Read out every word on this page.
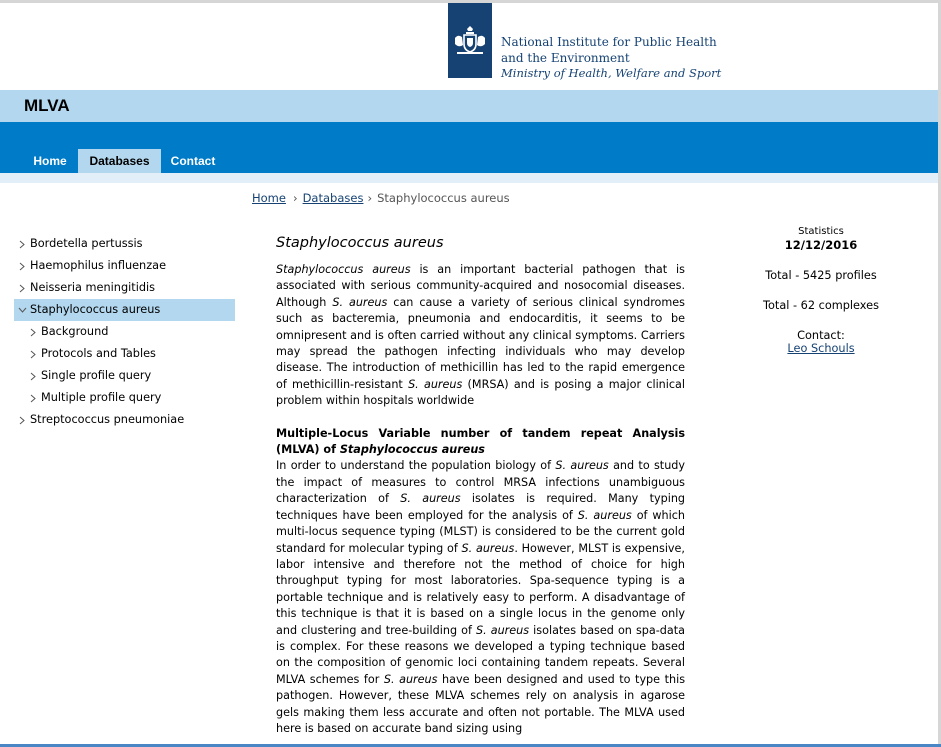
National Institute for Public Health
and the Environment
Ministry of Health, Welfare and Sport
MLVA
Home	Databases	Contact
Home › Databases › Staphylococcus aureus
Bordetella pertussis
Haemophilus influenzae
Neisseria meningitidis
Staphylococcus aureus
Background
Protocols and Tables
Single profile query
Multiple profile query
Streptococcus pneumoniae
Staphylococcus aureus

Staphylococcus aureus is an important bacterial pathogen that is associated with serious community-acquired and nosocomial diseases. Although S. aureus can cause a variety of serious clinical syndromes such as bacteremia, pneumonia and endocarditis, it seems to be omnipresent and is often carried without any clinical symptoms. Carriers may spread the pathogen infecting individuals who may develop disease. The introduction of methicillin has led to the rapid emergence of methicillin-resistant S. aureus (MRSA) and is posing a major clinical problem within hospitals worldwide

Multiple-Locus Variable number of tandem repeat Analysis (MLVA) of Staphylococcus aureus

In order to understand the population biology of S. aureus and to study the impact of measures to control MRSA infections unambiguous characterization of S. aureus isolates is required. Many typing techniques have been employed for the analysis of S. aureus of which multi-locus sequence typing (MLST) is considered to be the current gold standard for molecular typing of S. aureus. However, MLST is expensive, labor intensive and therefore not the method of choice for high throughput typing for most laboratories. Spa-sequence typing is a portable technique and is relatively easy to perform. A disadvantage of this technique is that it is based on a single locus in the genome only and clustering and tree-building of S. aureus isolates based on spa-data is complex. For these reasons we developed a typing technique based on the composition of genomic loci containing tandem repeats. Several MLVA schemes for S. aureus have been designed and used to type this pathogen. However, these MLVA schemes rely on analysis in agarose gels making them less accurate and often not portable. The MLVA used here is based on accurate band sizing using

Statistics
12/12/2016
Total - 5425 profiles
Total - 62 complexes
Contact:
Leo Schouls
